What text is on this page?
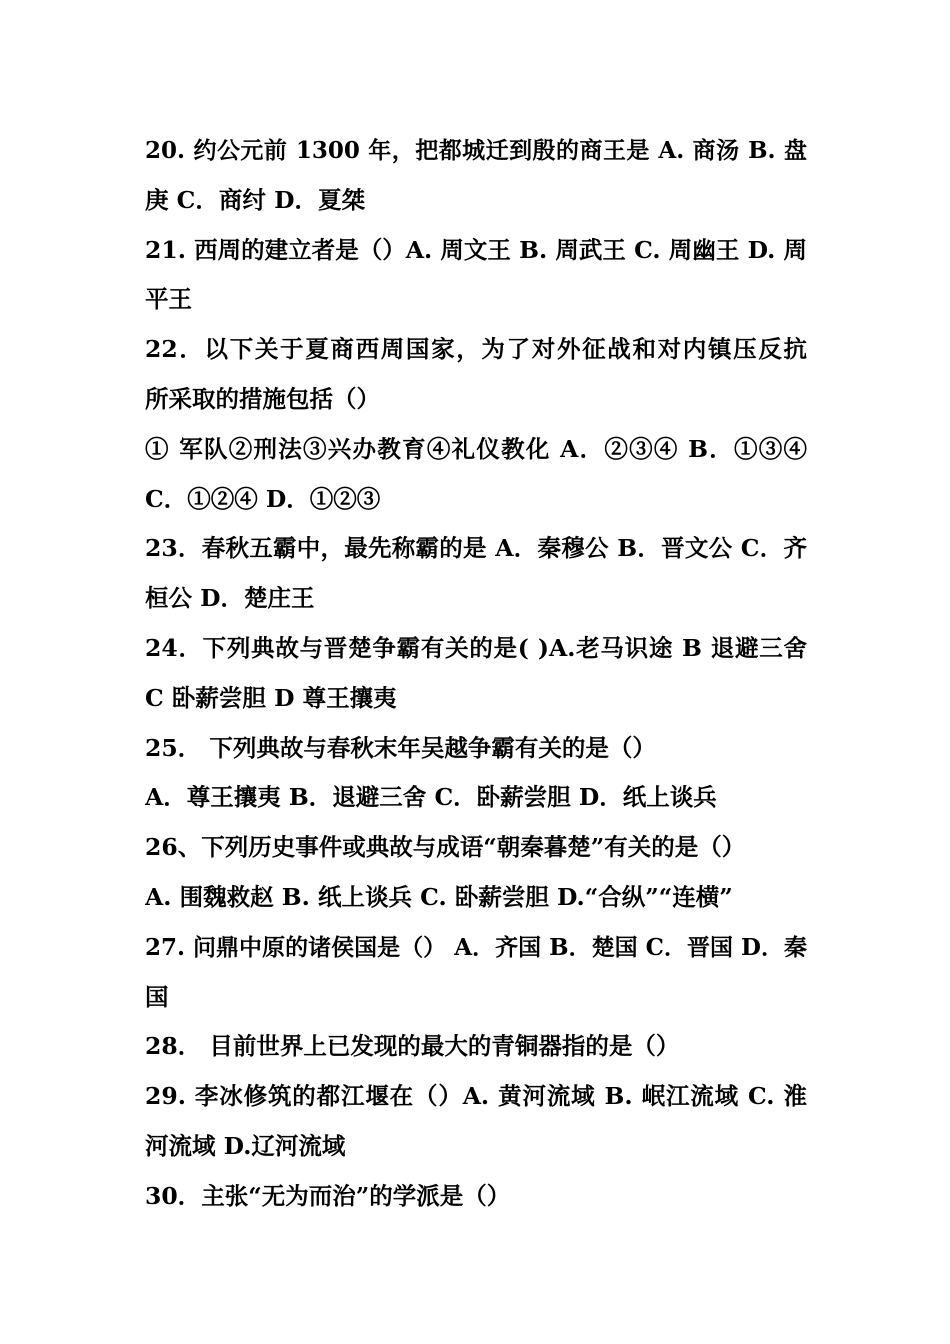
20. 约公元前 1300 年，把都城迁到殷的商王是 A. 商汤 B. 盘
庚 C．商纣 D．夏桀
21. 西周的建立者是（）A. 周文王 B. 周武王 C. 周幽王 D. 周
平王
22．以下关于夏商西周国家，为了对外征战和对内镇压反抗
所采取的措施包括（）
① 军队②刑法③兴办教育④礼仪教化 A．②③④ B．①③④
C．①②④ D．①②③
23．春秋五霸中，最先称霸的是 A．秦穆公 B．晋文公 C．齐
桓公 D．楚庄王
24．下列典故与晋楚争霸有关的是( )A.老马识途 B 退避三舍
C 卧薪尝胆 D 尊王攘夷
25． 下列典故与春秋末年吴越争霸有关的是（）
A．尊王攘夷 B．退避三舍 C．卧薪尝胆 D．纸上谈兵
26、下列历史事件或典故与成语“朝秦暮楚”有关的是（）
A. 围魏救赵 B. 纸上谈兵 C. 卧薪尝胆 D.“合纵”“连横”
27. 问鼎中原的诸侯国是（） A．齐国 B．楚国 C．晋国 D．秦
国
28． 目前世界上已发现的最大的青铜器指的是（）
29. 李冰修筑的都江堰在（）A. 黄河流域 B. 岷江流域 C. 淮
河流域 D.辽河流域
30．主张“无为而治”的学派是（）
